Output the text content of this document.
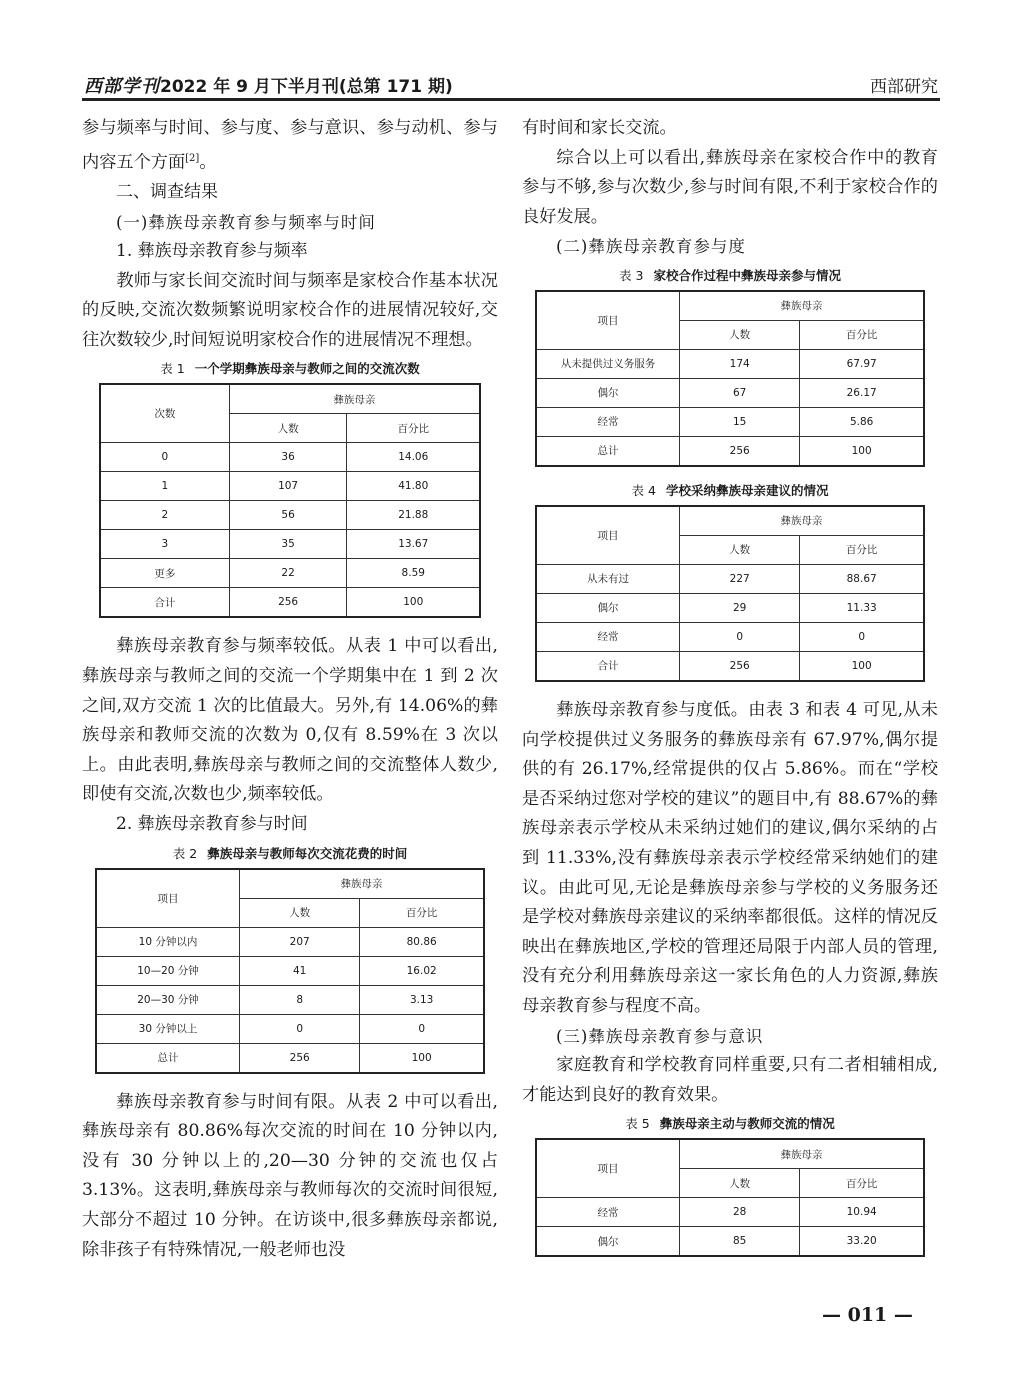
西部学刊 2022 年 9 月下半月刊(总第 171 期)	西部研究

参与频率与时间、参与度、参与意识、参与动机、参与内容五个方面[2]。

二、调查结果

(一)彝族母亲教育参与频率与时间

1. 彝族母亲教育参与频率

教师与家长间交流时间与频率是家校合作基本状况的反映,交流次数频繁说明家校合作的进展情况较好,交往次数较少,时间短说明家校合作的进展情况不理想。

表 1 一个学期彝族母亲与教师之间的交流次数
次数	彝族母亲	
	人数	百分比
0	36	14.06
1	107	41.80
2	56	21.88
3	35	13.67
更多	22	8.59
合计	256	100

彝族母亲教育参与频率较低。从表 1 中可以看出,彝族母亲与教师之间的交流一个学期集中在 1 到 2 次之间,双方交流 1 次的比值最大。另外,有 14.06%的彝族母亲和教师交流的次数为 0,仅有 8.59%在 3 次以上。由此表明,彝族母亲与教师之间的交流整体人数少,即使有交流,次数也少,频率较低。

2. 彝族母亲教育参与时间

表 2 彝族母亲与教师每次交流花费的时间
项目	彝族母亲	
	人数	百分比
10 分钟以内	207	80.86
10—20 分钟	41	16.02
20—30 分钟	8	3.13
30 分钟以上	0	0
总计	256	100

彝族母亲教育参与时间有限。从表 2 中可以看出,彝族母亲有 80.86%每次交流的时间在 10 分钟以内,没有 30 分钟以上的,20—30 分钟的交流也仅占 3.13%。这表明,彝族母亲与教师每次的交流时间很短,大部分不超过 10 分钟。在访谈中,很多彝族母亲都说,除非孩子有特殊情况,一般老师也没

有时间和家长交流。

综合以上可以看出,彝族母亲在家校合作中的教育参与不够,参与次数少,参与时间有限,不利于家校合作的良好发展。

(二)彝族母亲教育参与度

表 3 家校合作过程中彝族母亲参与情况
项目	彝族母亲	
	人数	百分比
从未提供过义务服务	174	67.97
偶尔	67	26.17
经常	15	5.86
总计	256	100
表 4 学校采纳彝族母亲建议的情况
项目	彝族母亲	
	人数	百分比
从未有过	227	88.67
偶尔	29	11.33
经常	0	0
合计	256	100

彝族母亲教育参与度低。由表 3 和表 4 可见,从未向学校提供过义务服务的彝族母亲有 67.97%,偶尔提供的有 26.17%,经常提供的仅占 5.86%。而在“学校是否采纳过您对学校的建议”的题目中,有 88.67%的彝族母亲表示学校从未采纳过她们的建议,偶尔采纳的占到 11.33%,没有彝族母亲表示学校经常采纳她们的建议。由此可见,无论是彝族母亲参与学校的义务服务还是学校对彝族母亲建议的采纳率都很低。这样的情况反映出在彝族地区,学校的管理还局限于内部人员的管理,没有充分利用彝族母亲这一家长角色的人力资源,彝族母亲教育参与程度不高。

(三)彝族母亲教育参与意识

家庭教育和学校教育同样重要,只有二者相辅相成,才能达到良好的教育效果。

表 5 彝族母亲主动与教师交流的情况
项目	彝族母亲	
	人数	百分比
经常	28	10.94
偶尔	85	33.20
— 011 —
